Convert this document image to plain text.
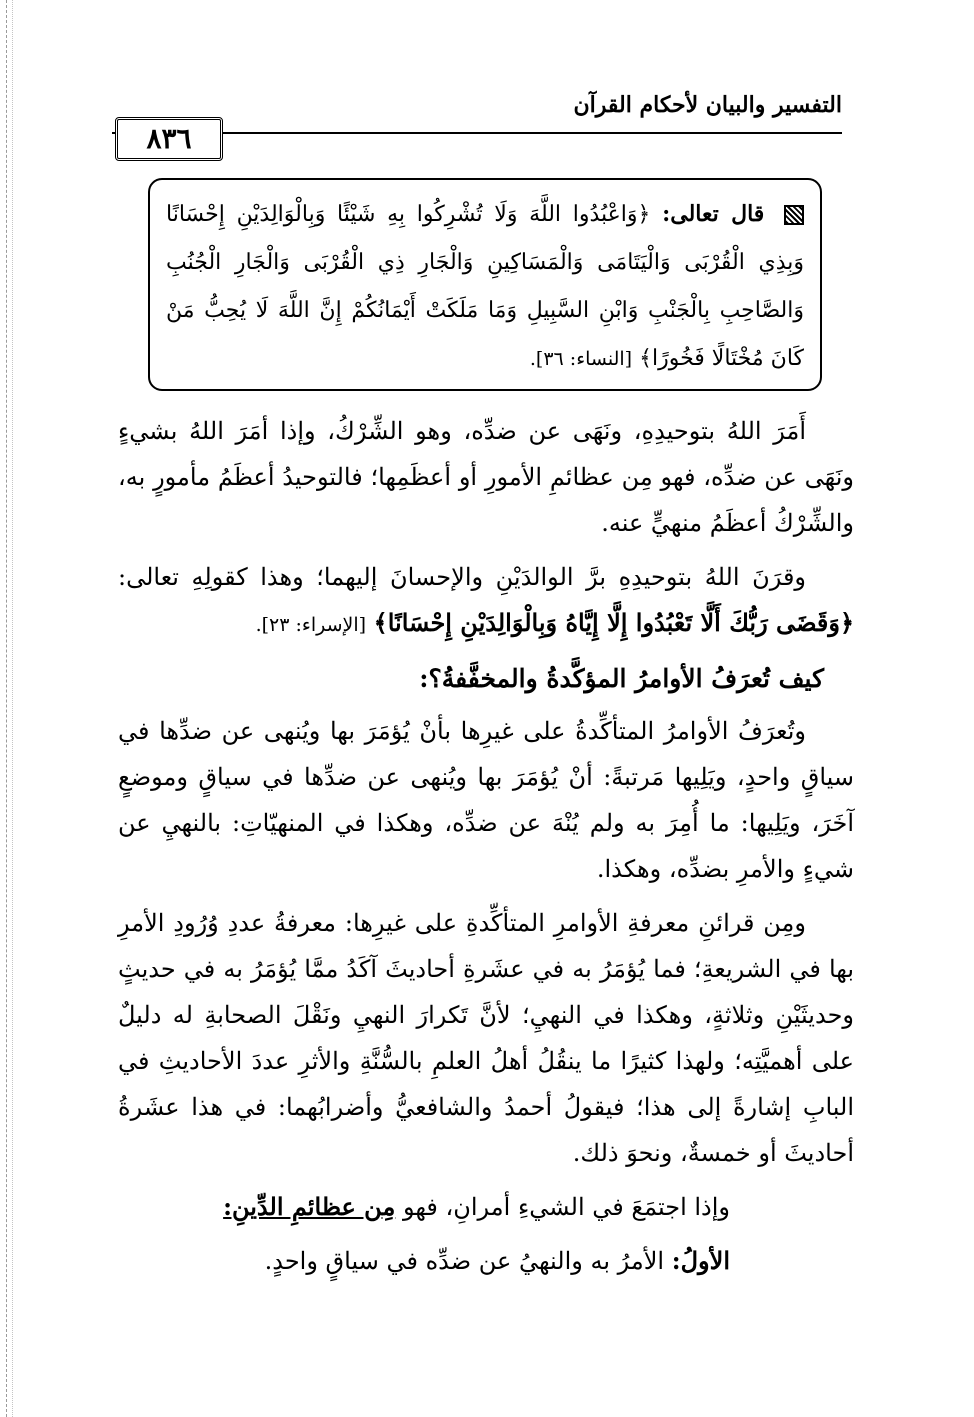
التفسير والبيان لأحكام القرآن
٨٣٦
قال تعالى: ﴿وَاعْبُدُوا اللَّهَ وَلَا تُشْرِكُوا بِهِ شَيْئًا وَبِالْوَالِدَيْنِ إِحْسَانًا وَبِذِي الْقُرْبَى وَالْيَتَامَى وَالْمَسَاكِينِ وَالْجَارِ ذِي الْقُرْبَى وَالْجَارِ الْجُنُبِ وَالصَّاحِبِ بِالْجَنْبِ وَابْنِ السَّبِيلِ وَمَا مَلَكَتْ أَيْمَانُكُمْ إِنَّ اللَّهَ لَا يُحِبُّ مَنْ كَانَ مُخْتَالًا فَخُورًا﴾ [النساء: ٣٦].

أَمَرَ اللهُ بتوحيدِهِ، ونَهَى عن ضدِّه، وهو الشِّرْكُ، وإذا أمَرَ اللهُ بشيءٍ ونَهَى عن ضدِّه، فهو مِن عظائمِ الأمورِ أو أعظَمِها؛ فالتوحيدُ أعظَمُ مأمورٍ به، والشِّرْكُ أعظَمُ منهيٍّ عنه.

وقرَنَ اللهُ بتوحيدِهِ برَّ الوالدَيْنِ والإحسانَ إليهما؛ وهذا كقولِهِ تعالى: ﴿وَقَضَى رَبُّكَ أَلَّا تَعْبُدُوا إِلَّا إِيَّاهُ وَبِالْوَالِدَيْنِ إِحْسَانًا﴾ [الإسراء: ٢٣].

كيف تُعرَفُ الأوامرُ المؤكَّدةُ والمخفَّفةُ؟:

وتُعرَفُ الأوامرُ المتأكِّدةُ على غيرِها بأنْ يُؤمَرَ بها ويُنهى عن ضدِّها في سياقٍ واحدٍ، ويَلِيها مَرتبةً: أنْ يُؤمَرَ بها ويُنهى عن ضدِّها في سياقٍ وموضعٍ آخَرَ، ويَلِيها: ما أُمِرَ به ولم يُنْهَ عن ضدِّه، وهكذا في المنهيّاتِ: بالنهيِ عن شيءٍ والأمرِ بضدِّه، وهكذا.

ومِن قرائنِ معرفةِ الأوامرِ المتأكِّدةِ على غيرِها: معرفةُ عددِ وُرُودِ الأمرِ بها في الشريعةِ؛ فما يُؤمَرُ به في عشَرةِ أحاديثَ آكَدُ ممَّا يُؤمَرُ به في حديثٍ وحديثَيْنِ وثلاثةٍ، وهكذا في النهيِ؛ لأنَّ تَكرارَ النهيِ ونَقْلَ الصحابةِ له دليلٌ على أهميَّتِه؛ ولهذا كثيرًا ما ينقُلُ أهلُ العلمِ بالسُّنَّةِ والأثرِ عددَ الأحاديثِ في البابِ إشارةً إلى هذا؛ فيقولُ أحمدُ والشافعيُّ وأضرابُهما: في هذا عشَرةُ أحاديثَ أو خمسةٌ، ونحوَ ذلك.

وإذا اجتمَعَ في الشيءِ أمرانِ، فهو مِن عظائمِ الدِّينِ:

الأولُ: الأمرُ به والنهيُ عن ضدِّه في سياقٍ واحدٍ.
